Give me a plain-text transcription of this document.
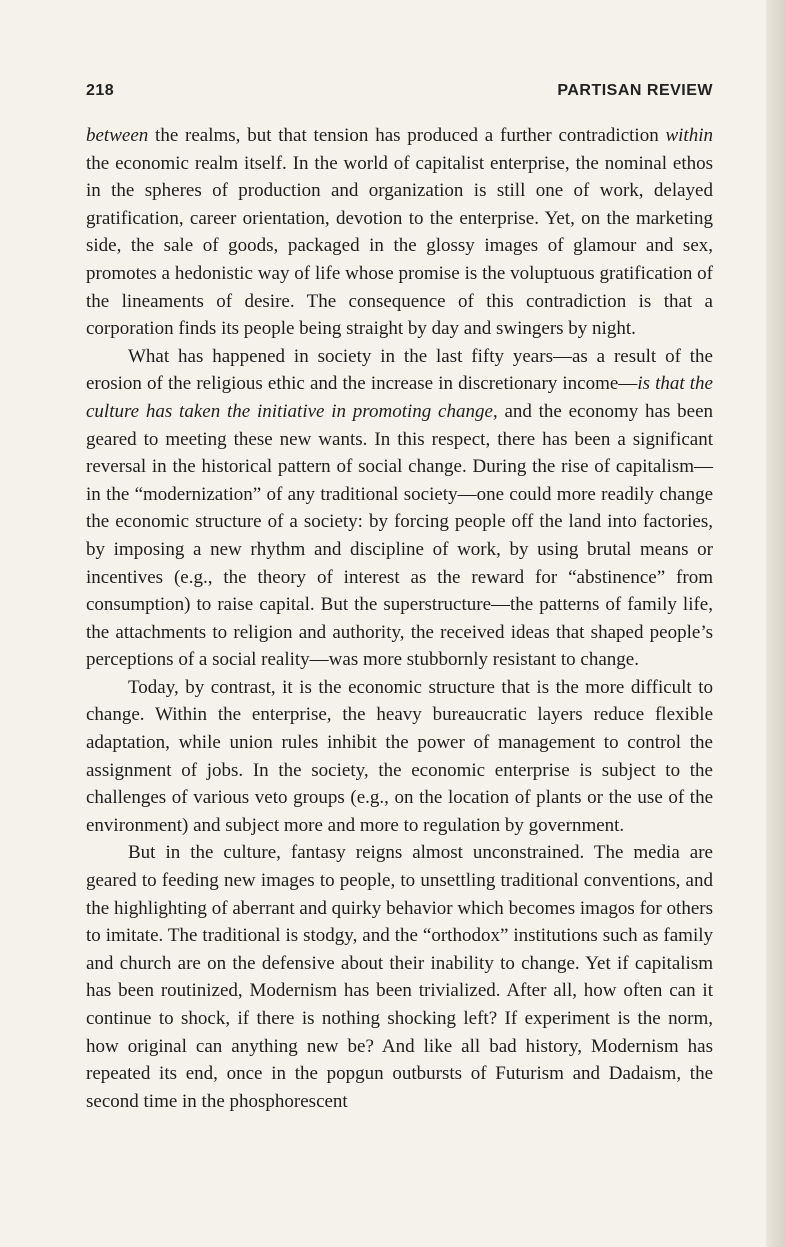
218	PARTISAN REVIEW

between the realms, but that tension has produced a further contradiction within the economic realm itself. In the world of capitalist enterprise, the nominal ethos in the spheres of production and organization is still one of work, delayed gratification, career orientation, devotion to the enterprise. Yet, on the marketing side, the sale of goods, packaged in the glossy images of glamour and sex, promotes a hedonistic way of life whose promise is the voluptuous gratification of the lineaments of desire. The consequence of this contradiction is that a corporation finds its people being straight by day and swingers by night.

What has happened in society in the last fifty years—as a result of the erosion of the religious ethic and the increase in discretionary income—is that the culture has taken the initiative in promoting change, and the economy has been geared to meeting these new wants. In this respect, there has been a significant reversal in the historical pattern of social change. During the rise of capitalism—in the “modernization” of any traditional society—one could more readily change the economic structure of a society: by forcing people off the land into factories, by imposing a new rhythm and discipline of work, by using brutal means or incentives (e.g., the theory of interest as the reward for “abstinence” from consumption) to raise capital. But the superstructure—the patterns of family life, the attachments to religion and authority, the received ideas that shaped people’s perceptions of a social reality—was more stubbornly resistant to change.

Today, by contrast, it is the economic structure that is the more difficult to change. Within the enterprise, the heavy bureaucratic layers reduce flexible adaptation, while union rules inhibit the power of management to control the assignment of jobs. In the society, the economic enterprise is subject to the challenges of various veto groups (e.g., on the location of plants or the use of the environment) and subject more and more to regulation by government.

But in the culture, fantasy reigns almost unconstrained. The media are geared to feeding new images to people, to unsettling traditional conventions, and the highlighting of aberrant and quirky behavior which becomes imagos for others to imitate. The traditional is stodgy, and the “orthodox” institutions such as family and church are on the defensive about their inability to change. Yet if capitalism has been routinized, Modernism has been trivialized. After all, how often can it continue to shock, if there is nothing shocking left? If experiment is the norm, how original can anything new be? And like all bad history, Modernism has repeated its end, once in the popgun outbursts of Futurism and Dadaism, the second time in the phosphorescent
